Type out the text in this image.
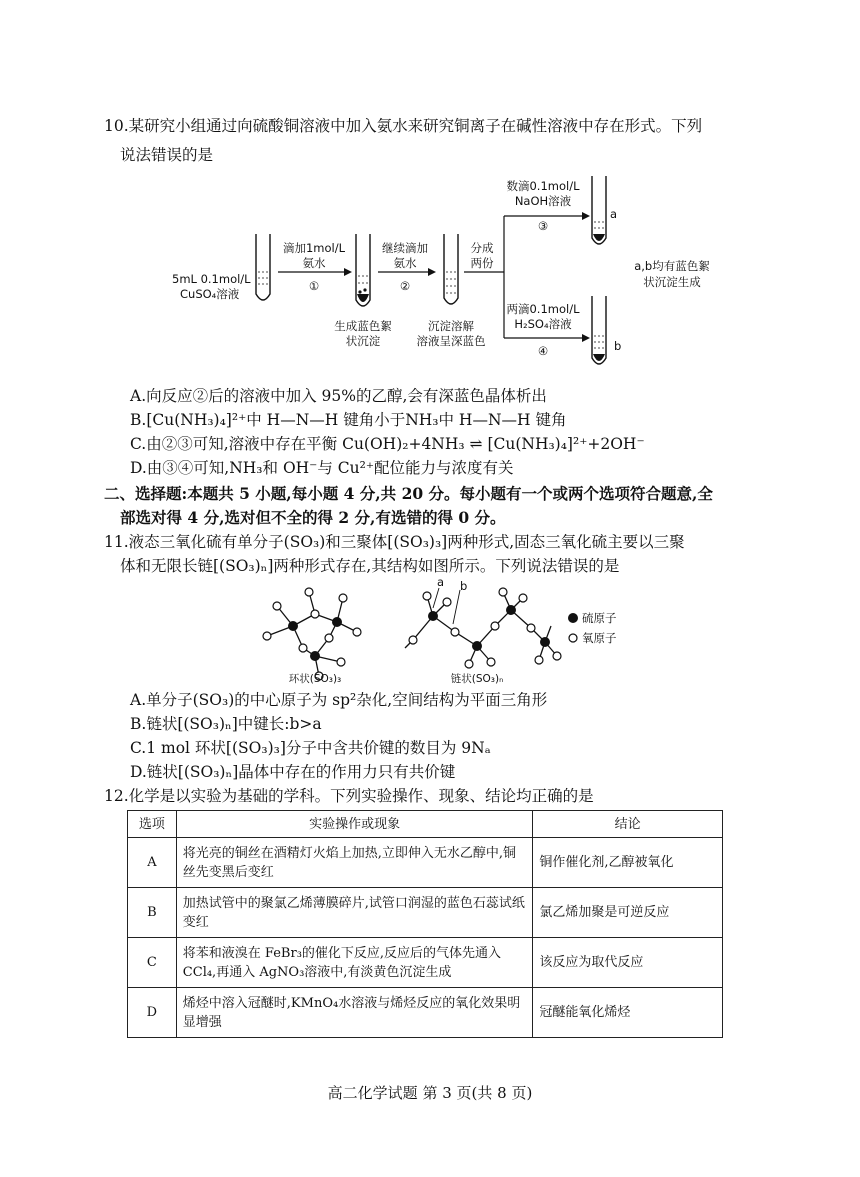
10.某研究小组通过向硫酸铜溶液中加入氨水来研究铜离子在碱性溶液中存在形式。下列
说法错误的是
5mL 0.1mol/L
CuSO₄溶液
滴加1mol/L
氨水
①
生成蓝色絮
状沉淀
继续滴加
氨水
②
沉淀溶解
溶液呈深蓝色
分成
两份
数滴0.1mol/L
NaOH溶液
③
两滴0.1mol/L
H₂SO₄溶液
④
a
b
a,b均有蓝色絮
状沉淀生成
A.向反应②后的溶液中加入 95%的乙醇,会有深蓝色晶体析出
B.[Cu(NH₃)₄]²⁺中 H—N—H 键角小于NH₃中 H—N—H 键角
C.由②③可知,溶液中存在平衡 Cu(OH)₂+4NH₃ ⇌ [Cu(NH₃)₄]²⁺+2OH⁻
D.由③④可知,NH₃和 OH⁻与 Cu²⁺配位能力与浓度有关
二、选择题:本题共 5 小题,每小题 4 分,共 20 分。每小题有一个或两个选项符合题意,全
部选对得 4 分,选对但不全的得 2 分,有选错的得 0 分。
11.液态三氧化硫有单分子(SO₃)和三聚体[(SO₃)₃]两种形式,固态三氧化硫主要以三聚
体和无限长链[(SO₃)ₙ]两种形式存在,其结构如图所示。下列说法错误的是
a b
硫原子
氧原子
环状(SO₃)₃	链状(SO₃)ₙ
A.单分子(SO₃)的中心原子为 sp²杂化,空间结构为平面三角形
B.链状[(SO₃)ₙ]中键长:b>a
C.1 mol 环状[(SO₃)₃]分子中含共价键的数目为 9Nₐ
D.链状[(SO₃)ₙ]晶体中存在的作用力只有共价键
12.化学是以实验为基础的学科。下列实验操作、现象、结论均正确的是
选项	实验操作或现象	结论
A	将光亮的铜丝在酒精灯火焰上加热,立即伸入无水乙醇中,铜丝先变黑后变红	铜作催化剂,乙醇被氧化
B	加热试管中的聚氯乙烯薄膜碎片,试管口润湿的蓝色石蕊试纸变红	氯乙烯加聚是可逆反应
C	将苯和液溴在 FeBr₃的催化下反应,反应后的气体先通入 CCl₄,再通入 AgNO₃溶液中,有淡黄色沉淀生成	该反应为取代反应
D	烯烃中溶入冠醚时,KMnO₄水溶液与烯烃反应的氧化效果明显增强	冠醚能氧化烯烃
高二化学试题 第 3 页(共 8 页)
